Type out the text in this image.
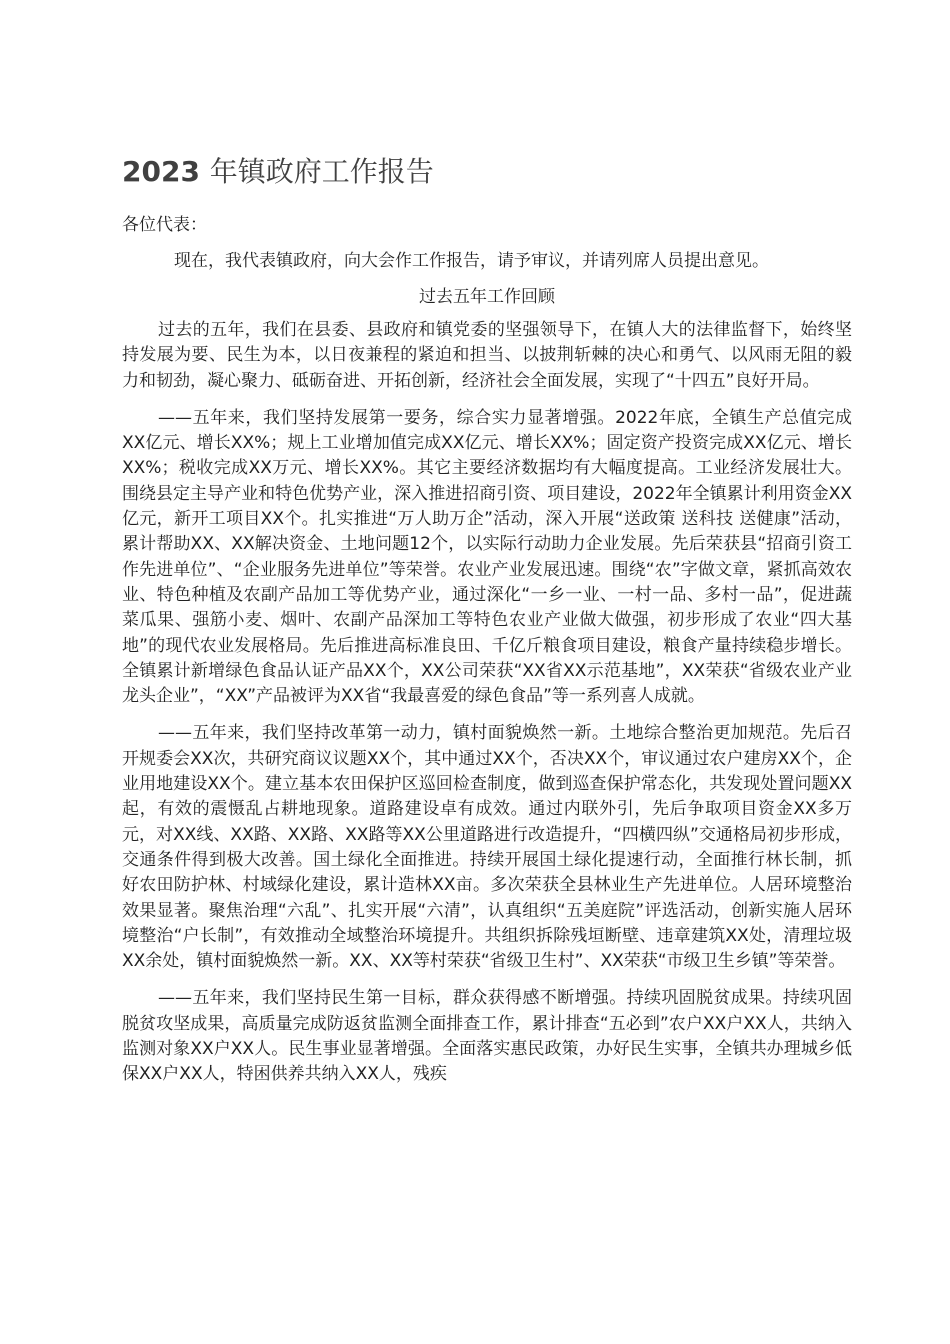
2023 年镇政府工作报告

各位代表：

现在，我代表镇政府，向大会作工作报告，请予审议，并请列席人员提出意见。

过去五年工作回顾

过去的五年，我们在县委、县政府和镇党委的坚强领导下，在镇人大的法律监督下，始终坚持发展为要、民生为本，以日夜兼程的紧迫和担当、以披荆斩棘的决心和勇气、以风雨无阻的毅力和韧劲，凝心聚力、砥砺奋进、开拓创新，经济社会全面发展，实现了“十四五”良好开局。

——五年来，我们坚持发展第一要务，综合实力显著增强。2022年底，全镇生产总值完成XX亿元、增长XX%；规上工业增加值完成XX亿元、增长XX%；固定资产投资完成XX亿元、增长XX%；税收完成XX万元、增长XX%。其它主要经济数据均有大幅度提高。工业经济发展壮大。围绕县定主导产业和特色优势产业，深入推进招商引资、项目建设，2022年全镇累计利用资金XX亿元，新开工项目XX个。扎实推进“万人助万企”活动，深入开展“送政策 送科技 送健康”活动，累计帮助XX、XX解决资金、土地问题12个，以实际行动助力企业发展。先后荣获县“招商引资工作先进单位”、“企业服务先进单位”等荣誉。农业产业发展迅速。围绕“农”字做文章，紧抓高效农业、特色种植及农副产品加工等优势产业，通过深化“一乡一业、一村一品、多村一品”，促进蔬菜瓜果、强筋小麦、烟叶、农副产品深加工等特色农业产业做大做强，初步形成了农业“四大基地”的现代农业发展格局。先后推进高标准良田、千亿斤粮食项目建设，粮食产量持续稳步增长。全镇累计新增绿色食品认证产品XX个，XX公司荣获“XX省XX示范基地”，XX荣获“省级农业产业龙头企业”，“XX”产品被评为XX省“我最喜爱的绿色食品”等一系列喜人成就。

——五年来，我们坚持改革第一动力，镇村面貌焕然一新。土地综合整治更加规范。先后召开规委会XX次，共研究商议议题XX个，其中通过XX个，否决XX个，审议通过农户建房XX个，企业用地建设XX个。建立基本农田保护区巡回检查制度，做到巡查保护常态化，共发现处置问题XX起，有效的震慑乱占耕地现象。道路建设卓有成效。通过内联外引，先后争取项目资金XX多万元，对XX线、XX路、XX路、XX路等XX公里道路进行改造提升，“四横四纵”交通格局初步形成，交通条件得到极大改善。国土绿化全面推进。持续开展国土绿化提速行动，全面推行林长制，抓好农田防护林、村域绿化建设，累计造林XX亩。多次荣获全县林业生产先进单位。人居环境整治效果显著。聚焦治理“六乱”、扎实开展“六清”，认真组织“五美庭院”评选活动，创新实施人居环境整治“户长制”，有效推动全域整治环境提升。共组织拆除残垣断壁、违章建筑XX处，清理垃圾XX余处，镇村面貌焕然一新。XX、XX等村荣获“省级卫生村”、XX荣获“市级卫生乡镇”等荣誉。

——五年来，我们坚持民生第一目标，群众获得感不断增强。持续巩固脱贫成果。持续巩固脱贫攻坚成果，高质量完成防返贫监测全面排查工作，累计排查“五必到”农户XX户XX人，共纳入监测对象XX户XX人。民生事业显著增强。全面落实惠民政策，办好民生实事，全镇共办理城乡低保XX户XX人，特困供养共纳入XX人，残疾
